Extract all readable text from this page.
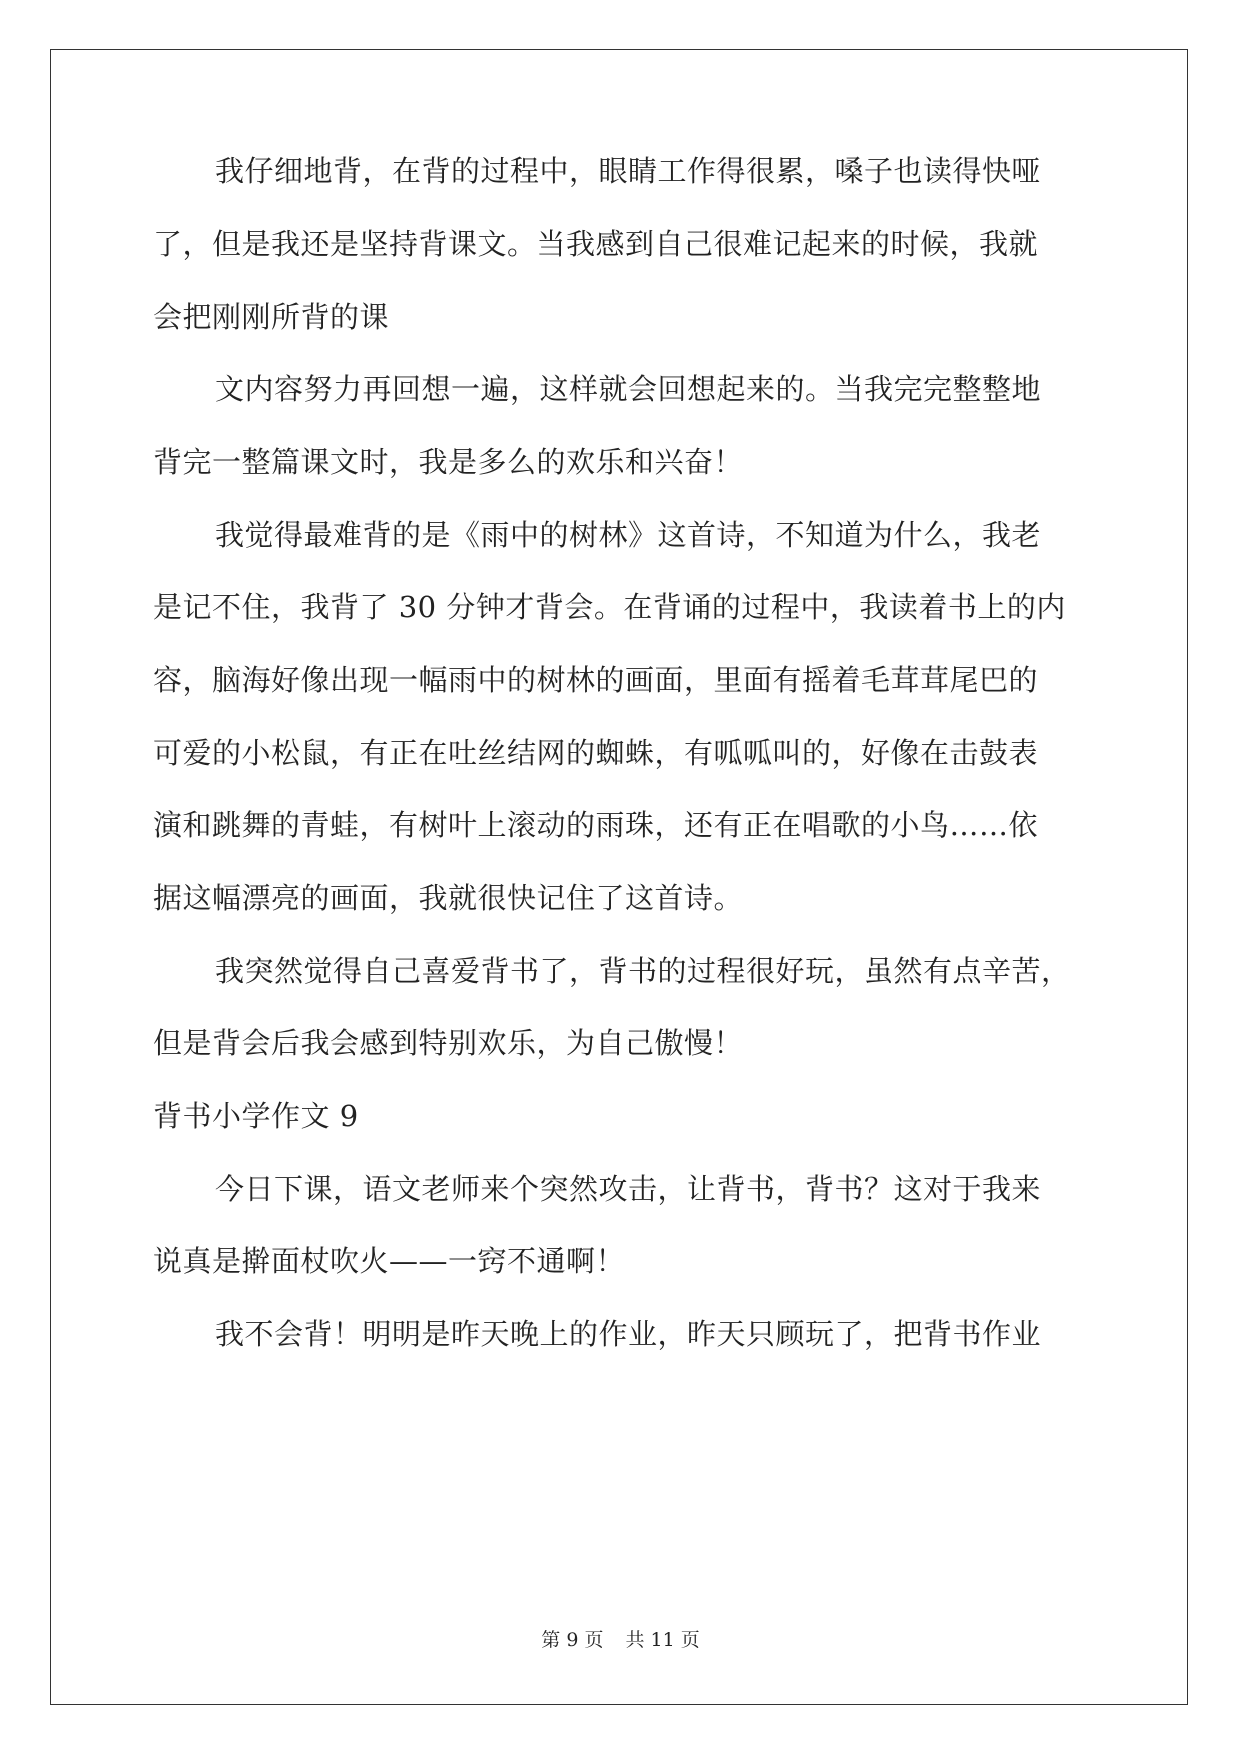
我仔细地背，在背的过程中，眼睛工作得很累，嗓子也读得快哑
了，但是我还是坚持背课文。当我感到自己很难记起来的时候，我就
会把刚刚所背的课
文内容努力再回想一遍，这样就会回想起来的。当我完完整整地
背完一整篇课文时，我是多么的欢乐和兴奋！
我觉得最难背的是《雨中的树林》这首诗，不知道为什么，我老
是记不住，我背了 30 分钟才背会。在背诵的过程中，我读着书上的内
容，脑海好像出现一幅雨中的树林的画面，里面有摇着毛茸茸尾巴的
可爱的小松鼠，有正在吐丝结网的蜘蛛，有呱呱叫的，好像在击鼓表
演和跳舞的青蛙，有树叶上滚动的雨珠，还有正在唱歌的小鸟……依
据这幅漂亮的画面，我就很快记住了这首诗。
我突然觉得自己喜爱背书了，背书的过程很好玩，虽然有点辛苦，
但是背会后我会感到特别欢乐，为自己傲慢！
背书小学作文 9
今日下课，语文老师来个突然攻击，让背书，背书？这对于我来
说真是擀面杖吹火——一窍不通啊！
我不会背！明明是昨天晚上的作业，昨天只顾玩了，把背书作业
第 9 页 共 11 页
